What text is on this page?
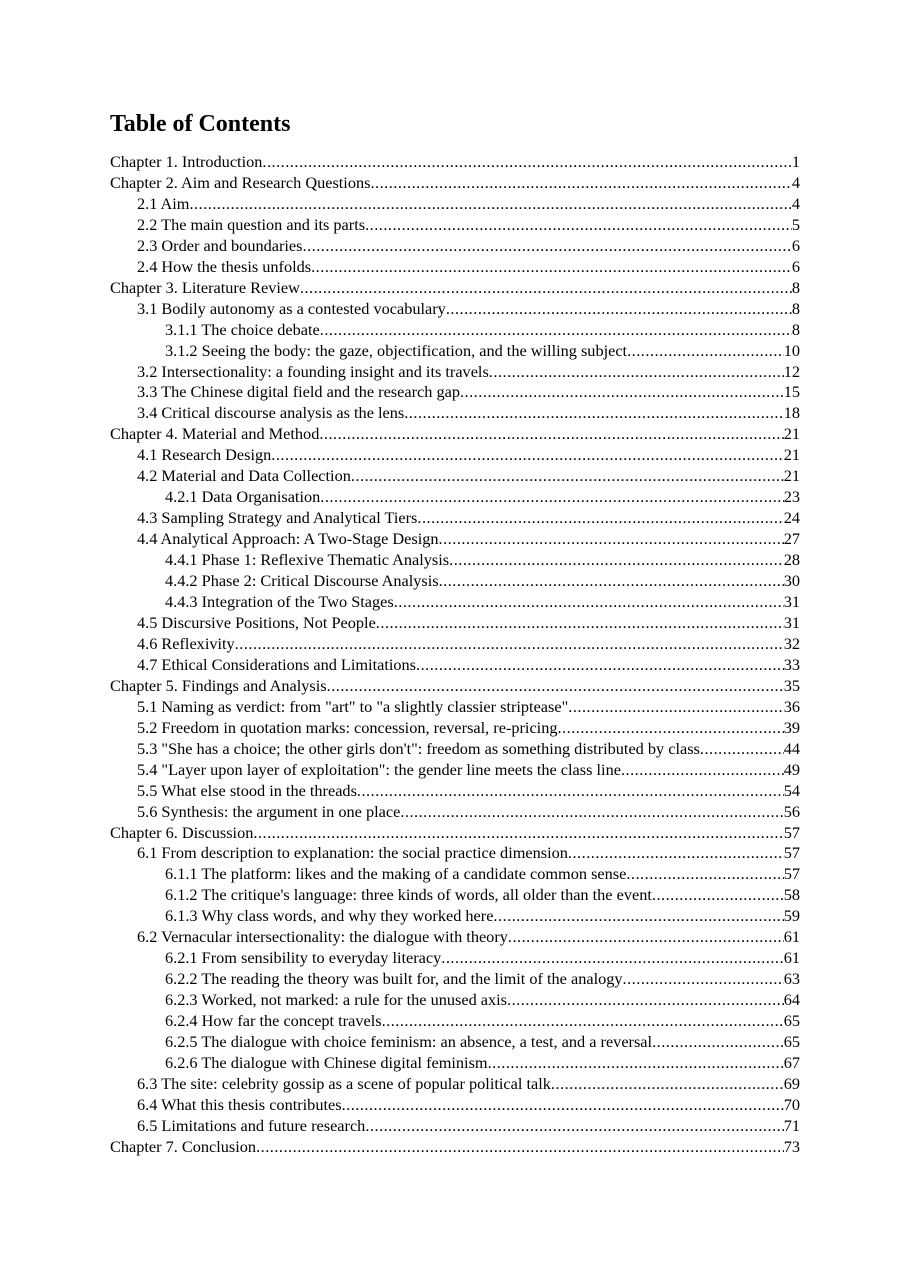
Table of Contents
Chapter 1. Introduction .....	1
Chapter 2. Aim and Research Questions .....	4
2.1 Aim .....	4
2.2 The main question and its parts .....	5
2.3 Order and boundaries .....	6
2.4 How the thesis unfolds .....	6
Chapter 3. Literature Review .....	8
3.1 Bodily autonomy as a contested vocabulary .....	8
3.1.1 The choice debate .....	8
3.1.2 Seeing the body: the gaze, objectification, and the willing subject .....	10
3.2 Intersectionality: a founding insight and its travels .....	12
3.3 The Chinese digital field and the research gap .....	15
3.4 Critical discourse analysis as the lens .....	18
Chapter 4. Material and Method .....	21
4.1 Research Design .....	21
4.2 Material and Data Collection .....	21
4.2.1 Data Organisation .....	23
4.3 Sampling Strategy and Analytical Tiers .....	24
4.4 Analytical Approach: A Two-Stage Design .....	27
4.4.1 Phase 1: Reflexive Thematic Analysis .....	28
4.4.2 Phase 2: Critical Discourse Analysis .....	30
4.4.3 Integration of the Two Stages .....	31
4.5 Discursive Positions, Not People .....	31
4.6 Reflexivity .....	32
4.7 Ethical Considerations and Limitations .....	33
Chapter 5. Findings and Analysis .....	35
5.1 Naming as verdict: from "art" to "a slightly classier striptease" .....	36
5.2 Freedom in quotation marks: concession, reversal, re-pricing .....	39
5.3 "She has a choice; the other girls don't": freedom as something distributed by class .....	44
5.4 "Layer upon layer of exploitation": the gender line meets the class line .....	49
5.5 What else stood in the threads .....	54
5.6 Synthesis: the argument in one place .....	56
Chapter 6. Discussion .....	57
6.1 From description to explanation: the social practice dimension .....	57
6.1.1 The platform: likes and the making of a candidate common sense .....	57
6.1.2 The critique's language: three kinds of words, all older than the event .....	58
6.1.3 Why class words, and why they worked here .....	59
6.2 Vernacular intersectionality: the dialogue with theory .....	61
6.2.1 From sensibility to everyday literacy .....	61
6.2.2 The reading the theory was built for, and the limit of the analogy .....	63
6.2.3 Worked, not marked: a rule for the unused axis .....	64
6.2.4 How far the concept travels .....	65
6.2.5 The dialogue with choice feminism: an absence, a test, and a reversal .....	65
6.2.6 The dialogue with Chinese digital feminism .....	67
6.3 The site: celebrity gossip as a scene of popular political talk .....	69
6.4 What this thesis contributes .....	70
6.5 Limitations and future research .....	71
Chapter 7. Conclusion .....	73
